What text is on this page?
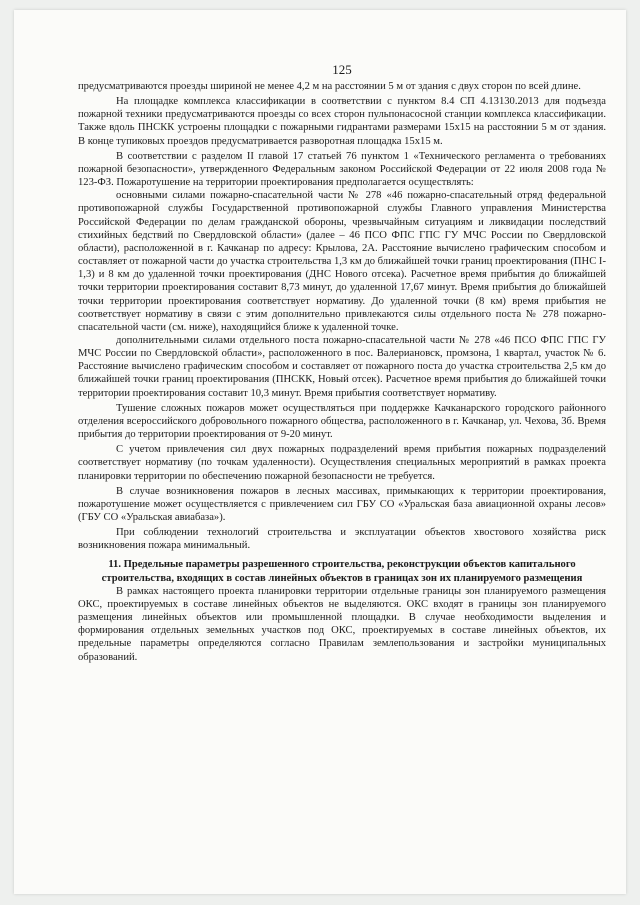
125

предусматриваются проезды шириной не менее 4,2 м на расстоянии 5 м от здания с двух сторон по всей длине.

На площадке комплекса классификации в соответствии с пунктом 8.4 СП 4.13130.2013 для подъезда пожарной техники предусматриваются проезды со всех сторон пульпонасосной станции комплекса классификации. Также вдоль ПНСКК устроены площадки с пожарными гидрантами размерами 15х15 на расстоянии 5 м от здания. В конце тупиковых проездов предусматривается разворотная площадка 15х15 м.

В соответствии с разделом II главой 17 статьей 76 пунктом 1 «Технического регламента о требованиях пожарной безопасности», утвержденного Федеральным законом Российской Федерации от 22 июля 2008 года № 123-ФЗ. Пожаротушение на территории проектирования предполагается осуществлять:

основными силами пожарно-спасательной части № 278 «46 пожарно-спасательный отряд федеральной противопожарной службы Государственной противопожарной службы Главного управления Министерства Российской Федерации по делам гражданской обороны, чрезвычайным ситуациям и ликвидации последствий стихийных бедствий по Свердловской области» (далее – 46 ПСО ФПС ГПС ГУ МЧС России по Свердловской области), расположенной в г. Качканар по адресу: Крылова, 2А. Расстояние вычислено графическим способом и составляет от пожарной части до участка строительства 1,3 км до ближайшей точки границ проектирования (ПНС I-1,3) и 8 км до удаленной точки проектирования (ДНС Нового отсека). Расчетное время прибытия до ближайшей точки территории проектирования составит 8,73 минут, до удаленной 17,67 минут. Время прибытия до ближайшей точки территории проектирования соответствует нормативу. До удаленной точки (8 км) время прибытия не соответствует нормативу в связи с этим дополнительно привлекаются силы отдельного поста № 278 пожарно-спасательной части (см. ниже), находящийся ближе к удаленной точке.

дополнительными силами отдельного поста пожарно-спасательной части № 278 «46 ПСО ФПС ГПС ГУ МЧС России по Свердловской области», расположенного в пос. Валериановск, промзона, 1 квартал, участок № 6. Расстояние вычислено графическим способом и составляет от пожарного поста до участка строительства 2,5 км до ближайшей точки границ проектирования (ПНСКК, Новый отсек). Расчетное время прибытия до ближайшей точки территории проектирования составит 10,3 минут. Время прибытия соответствует нормативу.

Тушение сложных пожаров может осуществляться при поддержке Качканарского городского районного отделения всероссийского добровольного пожарного общества, расположенного в г. Качканар, ул. Чехова, 3б. Время прибытия до территории проектирования от 9-20 минут.

С учетом привлечения сил двух пожарных подразделений время прибытия пожарных подразделений соответствует нормативу (по точкам удаленности). Осуществления специальных мероприятий в рамках проекта планировки территории по обеспечению пожарной безопасности не требуется.

В случае возникновения пожаров в лесных массивах, примыкающих к территории проектирования, пожаротушение может осуществляется с привлечением сил ГБУ СО «Уральская база авиационной охраны лесов» (ГБУ СО «Уральская авиабаза»).

При соблюдении технологий строительства и эксплуатации объектов хвостового хозяйства риск возникновения пожара минимальный.

11. Предельные параметры разрешенного строительства, реконструкции объектов капитального строительства, входящих в состав линейных объектов в границах зон их планируемого размещения

В рамках настоящего проекта планировки территории отдельные границы зон планируемого размещения ОКС, проектируемых в составе линейных объектов не выделяются. ОКС входят в границы зон планируемого размещения линейных объектов или промышленной площадки. В случае необходимости выделения и формирования отдельных земельных участков под ОКС, проектируемых в составе линейных объектов, их предельные параметры определяются согласно Правилам землепользования и застройки муниципальных образований.
